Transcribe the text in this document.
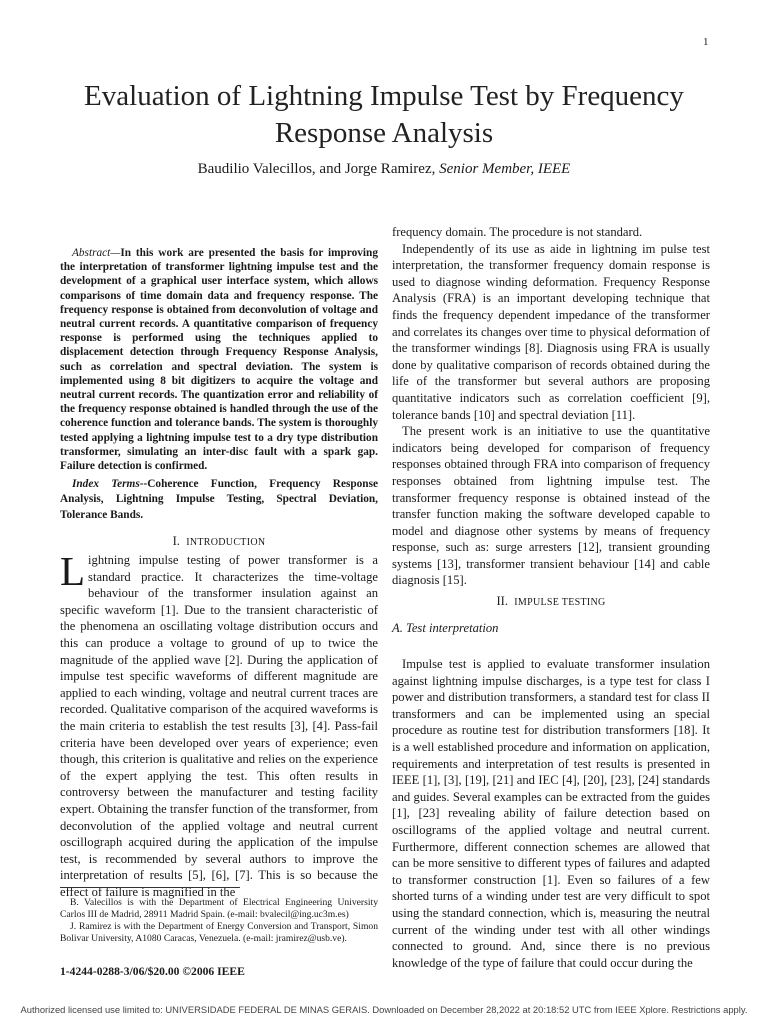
1
Evaluation of Lightning Impulse Test by Frequency Response Analysis
Baudilio Valecillos, and Jorge Ramirez, Senior Member, IEEE
Abstract—In this work are presented the basis for improving the interpretation of transformer lightning impulse test and the development of a graphical user interface system, which allows comparisons of time domain data and frequency response. The frequency response is obtained from deconvolution of voltage and neutral current records. A quantitative comparison of frequency response is performed using the techniques applied to displacement detection through Frequency Response Analysis, such as correlation and spectral deviation. The system is implemented using 8 bit digitizers to acquire the voltage and neutral current records. The quantization error and reliability of the frequency response obtained is handled through the use of the coherence function and tolerance bands. The system is thoroughly tested applying a lightning impulse test to a dry type distribution transformer, simulating an inter-disc fault with a spark gap. Failure detection is confirmed.
Index Terms--Coherence Function, Frequency Response Analysis, Lightning Impulse Testing, Spectral Deviation, Tolerance Bands.
I. INTRODUCTION
Lightning impulse testing of power transformer is a standard practice. It characterizes the time-voltage behaviour of the transformer insulation against an specific waveform [1]. Due to the transient characteristic of the phenomena an oscillating voltage distribution occurs and this can produce a voltage to ground of up to twice the magnitude of the applied wave [2]. During the application of impulse test specific waveforms of different magnitude are applied to each winding, voltage and neutral current traces are recorded. Qualitative comparison of the acquired waveforms is the main criteria to establish the test results [3], [4]. Pass-fail criteria have been developed over years of experience; even though, this criterion is qualitative and relies on the experience of the expert applying the test. This often results in controversy between the manufacturer and testing facility expert. Obtaining the transfer function of the transformer, from deconvolution of the applied voltage and neutral current oscillograph acquired during the application of the impulse test, is recommended by several authors to improve the interpretation of results [5], [6], [7]. This is so because the effect of failure is magnified in the
B. Valecillos is with the Department of Electrical Engineering University Carlos III de Madrid, 28911 Madrid Spain. (e-mail: bvalecil@ing.uc3m.es)
J. Ramirez is with the Department of Energy Conversion and Transport, Simon Bolivar University, A1080 Caracas, Venezuela. (e-mail: jramirez@usb.ve).
1-4244-0288-3/06/$20.00 ©2006 IEEE

frequency domain. The procedure is not standard.

Independently of its use as aide in lightning im pulse test interpretation, the transformer frequency domain response is used to diagnose winding deformation. Frequency Response Analysis (FRA) is an important developing technique that finds the frequency dependent impedance of the transformer and correlates its changes over time to physical deformation of the transformer windings [8]. Diagnosis using FRA is usually done by qualitative comparison of records obtained during the life of the transformer but several authors are proposing quantitative indicators such as correlation coefficient [9], tolerance bands [10] and spectral deviation [11].

The present work is an initiative to use the quantitative indicators being developed for comparison of frequency responses obtained through FRA into comparison of frequency responses obtained from lightning impulse test. The transformer frequency response is obtained instead of the transfer function making the software developed capable to model and diagnose other systems by means of frequency response, such as: surge arresters [12], transient grounding systems [13], transformer transient behaviour [14] and cable diagnosis [15].

II. IMPULSE TESTING
A. Test interpretation
Impulse test is applied to evaluate transformer insulation against lightning impulse discharges, is a type test for class I power and distribution transformers, a standard test for class II transformers and can be implemented using an special procedure as routine test for distribution transformers [18]. It is a well established procedure and information on application, requirements and interpretation of test results is presented in IEEE [1], [3], [19], [21] and IEC [4], [20], [23], [24] standards and guides. Several examples can be extracted from the guides [1], [23] revealing ability of failure detection based on oscillograms of the applied voltage and neutral current. Furthermore, different connection schemes are allowed that can be more sensitive to different types of failures and adapted to transformer construction [1]. Even so failures of a few shorted turns of a winding under test are very difficult to spot using the standard connection, which is, measuring the neutral current of the winding under test with all other windings connected to ground. And, since there is no previous knowledge of the type of failure that could occur during the
Authorized licensed use limited to: UNIVERSIDADE FEDERAL DE MINAS GERAIS. Downloaded on December 28,2022 at 20:18:52 UTC from IEEE Xplore. Restrictions apply.
